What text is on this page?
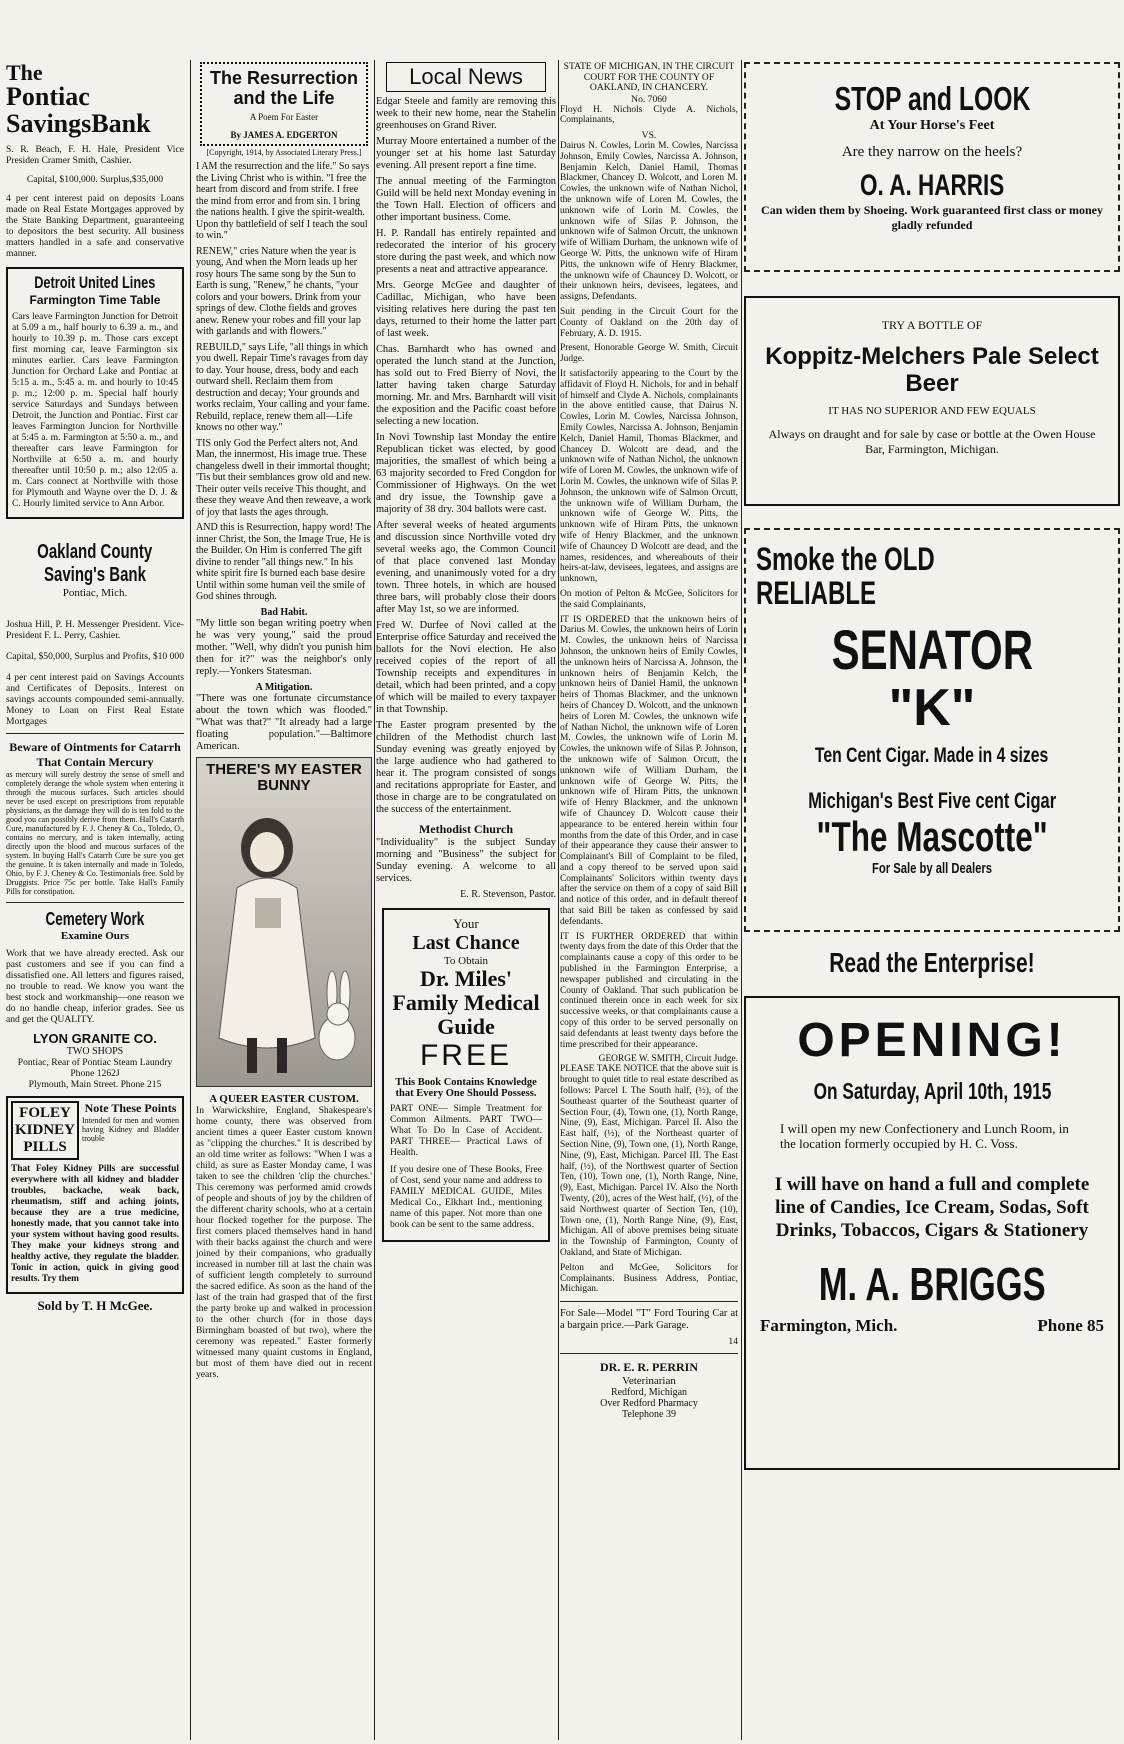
The
Pontiac
SavingsBank

S. R. Beach, F. H. Hale, President Vice Presiden Cramer Smith, Cashier.

Capital, $100,000. Surplus,$35,000

4 per cent interest paid on deposits Loans made on Real Estate Mortgages approved by the State Banking Department, guaranteeing to depositors the best security. All business matters handled in a safe and conservative manner.

Detroit United Lines
Farmington Time Table

Cars leave Farmington Junction for Detroit at 5.09 a m., half hourly to 6.39 a. m., and hourly to 10.39 p. m. Those cars except first morning car, leave Farmington six minutes earlier. Cars leave Farmington Junction for Orchard Lake and Pontiac at 5:15 a. m., 5:45 a. m. and hourly to 10:45 p. m.; 12:00 p. m. Special half hourly service Saturdays and Sundays between Detroit, the Junction and Pontiac. First car leaves Farmington Juncion for Northville at 5:45 a. m. Farmington at 5:50 a. m., and thereafter cars leave Farmington for Northville at 6:50 a. m. and hourly thereafter until 10:50 p. m.; also 12:05 a. m. Cars connect at Northville with those for Plymouth and Wayne over the D. J. & C. Hourly limited service to Ann Arbor.

Oakland County
Saving's Bank
Pontiac, Mich.

Joshua Hill, P. H. Messenger President. Vice-President F. L. Perry, Cashier.

Capital, $50,000, Surplus and Profits, $10 000

4 per cent interest paid on Savings Accounts and Certificates of Deposits. Interest on savings accounts compounded semi-annually. Money to Loan on First Real Estate Mortgages

Beware of Ointments for Catarrh That Contain Mercury

as mercury will surely destroy the sense of smell and completely derange the whole system when entering it through the mucous surfaces. Such articles should never be used except on prescriptions from reputable physicians, as the damage they will do is ten fold to the good you can possibly derive from them. Hall's Catarrh Cure, manufactured by F. J. Cheney & Co., Toledo, O., contains no mercury, and is taken internally, acting directly upon the blood and mucous surfaces of the system. In buying Hall's Catarrh Cure be sure you get the genuine. It is taken internally and made in Toledo, Ohio, by F. J. Cheney & Co. Testimonials free. Sold by Druggists. Price 75c per bottle. Take Hall's Family Pills for constipation.

Cemetery Work
Examine Ours

Work that we have already erected. Ask our past customers and see if you can find a dissatisfied one. All letters and figures raised, no trouble to read. We know you want the best stock and workmanship—one reason we do no handle cheap, inferior grades. See us and get the QUALITY.

LYON GRANITE CO.
TWO SHOPS
Pontiac, Rear of Pontiac Steam Laundry
Phone 1262J
Plymouth, Main Street. Phone 215
FOLEY KIDNEY PILLS
Note These Points

Intended for men and women having Kidney and Bladder trouble

That Foley Kidney Pills are successful everywhere with all kidney and bladder troubles, backache, weak back, rheumatism, stiff and aching joints, because they are a true medicine, honestly made, that you cannot take into your system without having good results. They make your kidneys strong and healthy active, they regulate the bladder. Tonic in action, quick in giving good results. Try them

Sold by T. H McGee.
The Resurrection and the Life
A Poem For Easter
By JAMES A. EDGERTON
[Copyright, 1914, by Associated Literary Press.]

I AM the resurrection and the life." So says the Living Christ who is within. "I free the heart from discord and from strife. I free the mind from error and from sin. I bring the nations health. I give the spirit-wealth. Upon thy battlefield of self I teach the soul to win."

RENEW," cries Nature when the year is young, And when the Morn leads up her rosy hours The same song by the Sun to Earth is sung, "Renew," he chants, "your colors and your bowers. Drink from your springs of dew. Clothe fields and groves anew. Renew your robes and fill your lap with garlands and with flowers."

REBUILD," says Life, "all things in which you dwell. Repair Time's ravages from day to day. Your house, dress, body and each outward shell. Reclaim them from destruction and decay; Your grounds and works reclaim, Your calling and your fame. Rebuild, replace, renew them all—Life knows no other way."

TIS only God the Perfect alters not, And Man, the innermost, His image true. These changeless dwell in their immortal thought; 'Tis but their semblances grow old and new. Their outer veils receive This thought, and these they weave And then reweave, a work of joy that lasts the ages through.

AND this is Resurrection, happy word! The inner Christ, the Son, the Image True, He is the Builder. On Him is conferred The gift divine to render "all things new." In his white spirit fire Is burned each base desire Until within some human veil the smile of God shines through.

Bad Habit.

"My little son began writing poetry when he was very young," said the proud mother. "Well, why didn't you punish him then for it?" was the neighbor's only reply.—Yonkers Statesman.

A Mitigation.

"There was one fortunate circumstance about the town which was flooded." "What was that?" "It already had a large floating population."—Baltimore American.

THERE'S MY EASTER BUNNY
A QUEER EASTER CUSTOM.

In Warwickshire, England, Shakespeare's home county, there was observed from ancient times a queer Easter custom known as "clipping the churches." It is described by an old time writer as follows: "When I was a child, as sure as Easter Monday came, I was taken to see the children 'clip the churches.' This ceremony was performed amid crowds of people and shouts of joy by the children of the different charity schools, who at a certain hour flocked together for the purpose. The first comers placed themselves hand in hand with their backs against the church and were joined by their companions, who gradually increased in number till at last the chain was of sufficient length completely to surround the sacred edifice. As soon as the hand of the last of the train had grasped that of the first the party broke up and walked in procession to the other church (for in those days Birmingham boasted of but two), where the ceremony was repeated." Easter formerly witnessed many quaint customs in England, but most of them have died out in recent years.

Local News

Edgar Steele and family are removing this week to their new home, near the Stahelin greenhouses on Grand River.

Murray Moore entertained a number of the younger set at his home last Saturday evening. All present report a fine time.

The annual meeting of the Farmington Guild will be held next Monday evening in the Town Hall. Election of officers and other important business. Come.

H. P. Randall has entirely repainted and redecorated the interior of his grocery store during the past week, and which now presents a neat and attractive appearance.

Mrs. George McGee and daughter of Cadillac, Michigan, who have been visiting relatives here during the past ten days, returned to their home the latter part of last week.

Chas. Barnhardt who has owned and operated the lunch stand at the Junction, has sold out to Fred Bierry of Novi, the latter having taken charge Saturday morning. Mr. and Mrs. Barnhardt will visit the exposition and the Pacific coast before selecting a new location.

In Novi Township last Monday the entire Republican ticket was elected, by good majorities, the smallest of which being a 63 majority secorded to Fred Congdon for Commissioner of Highways. On the wet and dry issue, the Township gave a majority of 38 dry. 304 ballots were cast.

After several weeks of heated arguments and discussion since Northville voted dry several weeks ago, the Common Council of that place convened last Monday evening, and unanimously voted for a dry town. Three hotels, in which are housed three bars, will probably close their doors after May 1st, so we are informed.

Fred W. Durfee of Novi called at the Enterprise office Saturday and received the ballots for the Novi election. He also received copies of the report of all Township receipts and expenditures in detail, which had been printed, and a copy of which will be mailed to every taxpayer in that Township.

The Easter program presented by the children of the Methodist church last Sunday evening was greatly enjoyed by the large audience who had gathered to hear it. The program consisted of songs and recitations appropriate for Easter, and those in charge are to be congratulated on the success of the entertainment.

Methodist Church

"Individuality" is the subject Sunday morning and "Business" the subject for Sunday evening. A welcome to all services.

E. R. Stevenson, Pastor.
Your
Last Chance
To Obtain
Dr. Miles' Family Medical Guide
FREE
This Book Contains Knowledge that Every One Should Possess.

PART ONE— Simple Treatment for Common Ailments. PART TWO— What To Do In Case of Accident. PART THREE— Practical Laws of Health.

If you desire one of These Books, Free of Cost, send your name and address to FAMILY MEDICAL GUIDE, Miles Medical Co., Elkhart Ind., mentioning name of this paper. Not more than one book can be sent to the same address.

STATE OF MICHIGAN, IN THE CIRCUIT COURT FOR THE COUNTY OF OAKLAND, IN CHANCERY.
No. 7060

Floyd H. Nichols Clyde A. Nichols, Complainants,

VS.

Dairus N. Cowles, Lorin M. Cowles, Narcissa Johnson, Emily Cowles, Narcissa A. Johnson, Benjamin Kelch, Daniel Hamil, Thomas Blackmer, Chancey D. Wolcott, and Loren M. Cowles, the unknown wife of Nathan Nichol, the unknown wife of Loren M. Cowles, the unknown wife of Lorin M. Cowles, the unknown wife of Silas P. Johnson, the unknown wife of Salmon Orcutt, the unknown wife of William Durham, the unknown wife of George W. Pitts, the unknown wife of Hiram Pitts, the unknown wife of Henry Blackmer, the unknown wife of Chauncey D. Wolcott, or their unknown heirs, devisees, legatees, and assigns, Defendants.

Suit pending in the Circuit Court for the County of Oakland on the 20th day of February, A. D. 1915.

Present, Honorable George W. Smith, Circuit Judge.

It satisfactorily appearing to the Court by the affidavit of Floyd H. Nichols, for and in behalf of himself and Clyde A. Nichols, complainants in the above entitled cause, that Dairus N. Cowles, Lorin M. Cowles, Narcissa Johnson, Emily Cowles, Narcissa A. Johnson, Benjamin Kelch, Daniel Hamil, Thomas Blackmer, and Chancey D. Wolcott are dead, and the unknown wife of Nathan Nichol, the unknown wife of Loren M. Cowles, the unknown wife of Lorin M. Cowles, the unknown wife of Silas P. Johnson, the unknown wife of Salmon Orcutt, the unknown wife of William Durham, the unknown wife of George W. Pitts, the unknown wife of Hiram Pitts, the unknown wife of Henry Blackmer, and the unknown wife of Chauncey D Wolcott are dead, and the names, residences, and whereabouts of their heirs-at-law, devisees, legatees, and assigns are unknown,

On motion of Pelton & McGee, Solicitors for the said Complainants,

IT IS ORDERED that the unknown heirs of Darius M. Cowles, the unknown heirs of Lorin M. Cowles, the unknown heirs of Narcissa Johnson, the unknown heirs of Emily Cowles, the unknown heirs of Narcissa A. Johnson, the unknown heirs of Benjamin Kelch, the unknown heirs of Daniel Hamil, the unknown heirs of Thomas Blackmer, and the unknown heirs of Chancey D. Wolcott, and the unknown heirs of Loren M. Cowles, the unknown wife of Nathan Nichol, the unknown wife of Loren M. Cowles, the unknown wife of Lorin M. Cowles, the unknown wife of Silas P. Johnson, the unknown wife of Salmon Orcutt, the unknown wife of William Durham, the unknown wife of George W. Pitts, the unknown wife of Hiram Pitts, the unknown wife of Henry Blackmer, and the unknown wife of Chauncey D. Wolcott cause their appearance to be entered herein within four months from the date of this Order, and in case of their appearance they cause their answer to Complainant's Bill of Complaint to be filed, and a copy thereof to be served upon said Complainants' Solicitors within twenty days after the service on them of a copy of said Bill and notice of this order, and in default thereof that said Bill be taken as confessed by said defendants.

IT IS FURTHER ORDERED that within twenty days from the date of this Order that the complainants cause a copy of this order to be published in the Farmington Enterprise, a newspaper published and circulating in the County of Oakland. That such publication be continued therein once in each week for six successive weeks, or that complainants cause a copy of this order to be served personally on said defendants at least twenty days before the time prescribed for their appearance.

GEORGE W. SMITH, Circuit Judge.

PLEASE TAKE NOTICE that the above suit is brought to quiet title to real estate described as follows: Parcel I. The South half, (½), of the Southeast quarter of the Southeast quarter of Section Four, (4), Town one, (1), North Range, Nine, (9), East, Michigan. Parcel II. Also the East half, (½), of the Northeast quarter of Section Nine, (9), Town one, (1), North Range, Nine, (9), East, Michigan. Parcel III. The East half, (½), of the Northwest quarter of Section Ten, (10), Town one, (1), North Range, Nine, (9), East, Michigan. Parcel IV. Also the North Twenty, (20), acres of the West half, (½), of the said Northwest quarter of Section Ten, (10), Town one, (1), North Range Nine, (9), East, Michigan. All of above premises being situate in the Township of Farmington, County of Oakland, and State of Michigan.

Pelton and McGee, Solicitors for Complainants. Business Address, Pontiac, Michigan.

For Sale—Model "T" Ford Touring Car at a bargain price.—Park Garage.

14
DR. E. R. PERRIN
Veterinarian
Redford, Michigan
Over Redford Pharmacy
Telephone 39
STOP and LOOK
At Your Horse's Feet
Are they narrow on the heels?
O. A. HARRIS
Can widen them by Shoeing. Work guaranteed first class or money gladly refunded
TRY A BOTTLE OF
Koppitz-Melchers Pale Select Beer
IT HAS NO SUPERIOR AND FEW EQUALS
Always on draught and for sale by case or bottle at the Owen House Bar, Farmington, Michigan.
Smoke the OLD
RELIABLE
SENATOR
"K"
Ten Cent Cigar. Made in 4 sizes
Michigan's Best Five cent Cigar
"The Mascotte"
For Sale by all Dealers
Read the Enterprise!
OPENING!
On Saturday, April 10th, 1915
I will open my new Confectionery and Lunch Room, in the location formerly occupied by H. C. Voss.
I will have on hand a full and complete line of Candies, Ice Cream, Sodas, Soft Drinks, Tobaccos, Cigars & Stationery
M. A. BRIGGS
Farmington, Mich.	Phone 85
